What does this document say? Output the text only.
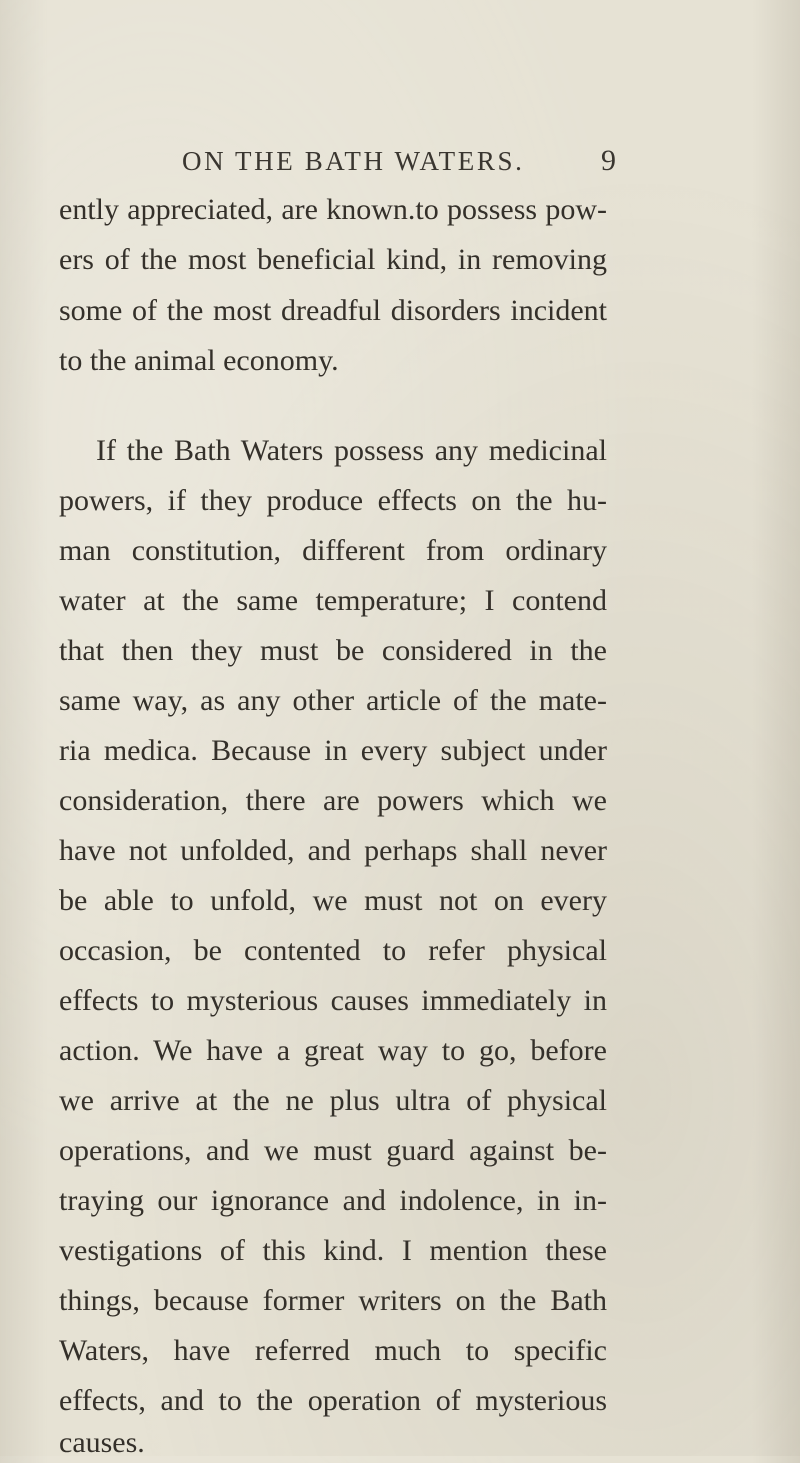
ON THE BATH WATERS.	9
ently appreciated, are known.to possess pow-
ers of the most beneficial kind, in removing
some of the most dreadful disorders incident
to the animal economy.
If the Bath Waters possess any medicinal
powers, if they produce effects on the hu-
man constitution, different from ordinary
water at the same temperature; I contend
that then they must be considered in the
same way, as any other article of the mate-
ria medica. Because in every subject under
consideration, there are powers which we
have not unfolded, and perhaps shall never
be able to unfold, we must not on every
occasion, be contented to refer physical
effects to mysterious causes immediately in
action. We have a great way to go, before
we arrive at the ne plus ultra of physical
operations, and we must guard against be-
traying our ignorance and indolence, in in-
vestigations of this kind. I mention these
things, because former writers on the Bath
Waters, have referred much to specific
effects, and to the operation of mysterious
causes.
